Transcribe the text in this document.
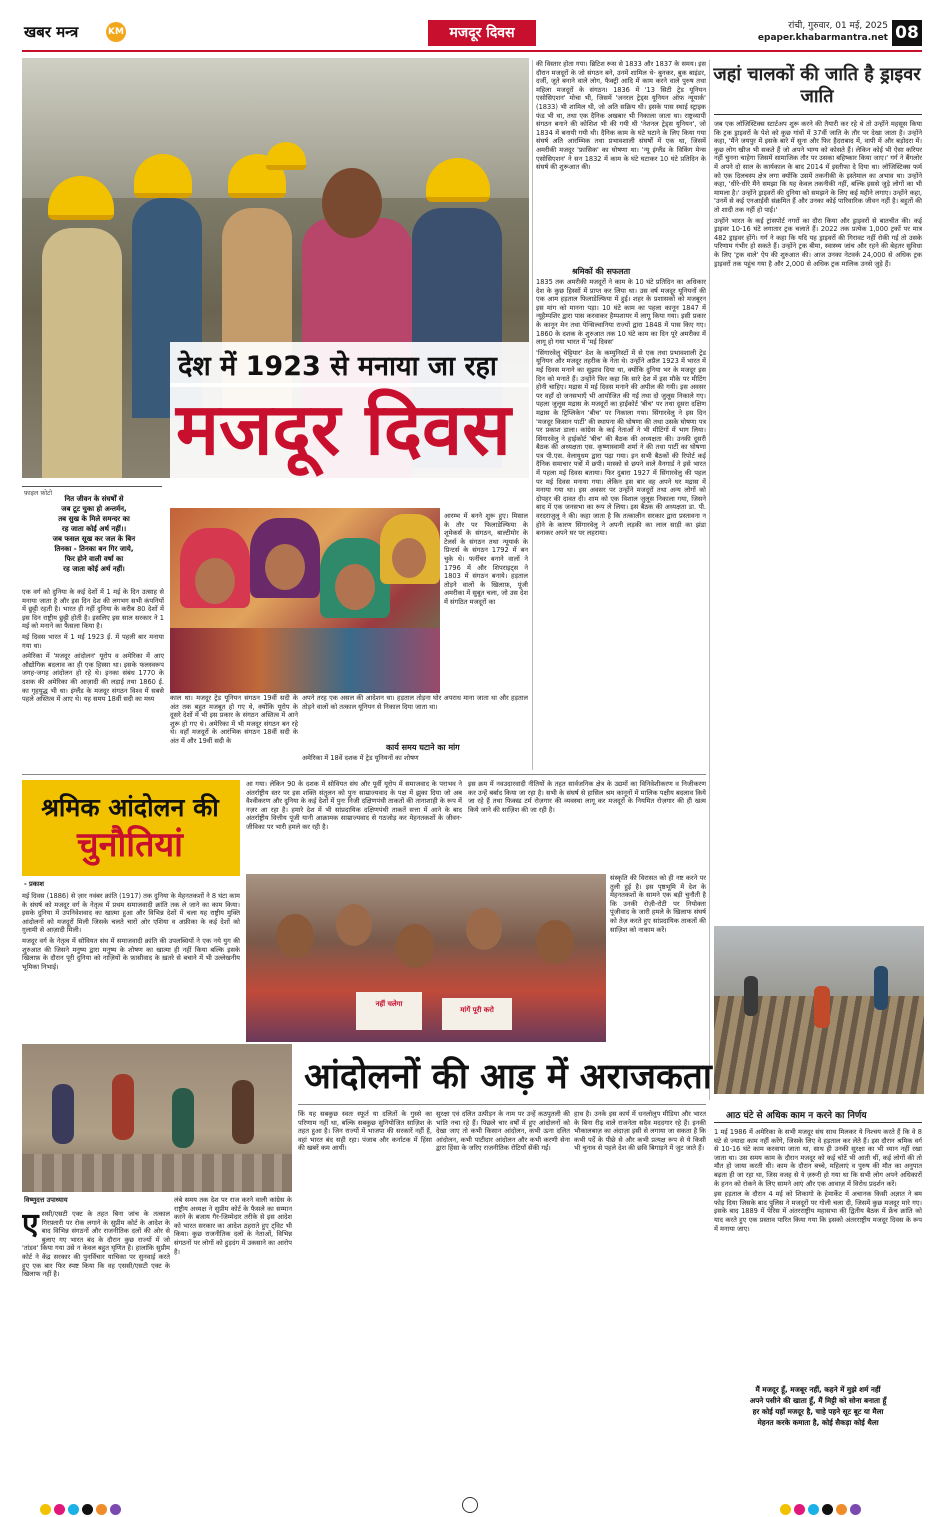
खबर मन्त्र	KM	मजदूर दिवस	रांची, गुरुवार, 01 मई, 2025
epaper.khabarmantra.net 08
देश में 1923 से मनाया जा रहा
मजदूर दिवस
फ़ाइल फ़ोटो
नित जीवन के संघर्षों से
जब टूट चुका हो अन्तर्मन,
तब सुख के मिले समन्दर का
रह जाता कोई अर्थ नहीं।।
जब फसल सूख कर जल के बिन
तिनका - तिनका बन गिर जाये,
फिर होने वाली वर्षा का
रह जाता कोई अर्थ नहीं।

एक वर्ग को दुनिया के कई देशों में 1 मई के दिन उत्साह से मनाया जाता है और इस दिन देश की लगभग सभी कंपनियों में छुट्टी रहती है। भारत ही नहीं दुनिया के करीब 80 देशों में इस दिन राष्ट्रीय छुट्टी होती है। इसलिए इस साल सरकार ने 1 मई को मनाने का फैसला किया है।

मई दिवस भारत में 1 मई 1923 ई. में पहली बार मनाया गया था।

अमेरिका में 'मजदूर आंदोलन' यूरोप व अमेरिका में आए औद्योगिक बदलाव का ही एक हिस्सा था। इसके फलस्वरूप जगह-जगह आंदोलन हो रहे थे। इनका संबंध 1770 के दशक की अमेरिका की आज़ादी की लड़ाई तथा 1860 ई. का गृहयुद्ध भी था। इंग्लैंड के मजदूर संगठन विश्व में सबसे पहले अस्तित्व में आए थे। यह समय 18वीं सदी का मध्य	काल था। मजदूर ट्रेड यूनियन संगठन 19वीं सदी के अंत तक बहुत मजबूत हो गए थे, क्योंकि यूरोप के दूसरे देशों में भी इस प्रकार के संगठन अस्तित्व में आने शुरू हो गए थे। अमेरिका में भी मजदूर संगठन बन रहे थे। वहाँ मजदूरों के आरंभिक संगठन 18वीं सदी के अंत में और 19वीं सदी के

आरम्भ में बनने शुरू हुए। मिसाल के तौर पर फिलाडेल्फिया के शूमेकर्स के संगठन, बाल्टीमोर के टेलर्स के संगठन तथा न्यूयार्क के प्रिन्टर्स के संगठन 1792 में बन चुके थे। फर्नीचर बनाने वालों ने 1796 में और शिपराइट्स ने 1803 में संगठन बनाये। हड़ताल तोड़ने वालों के खिलाफ़, पूंजी अमरीका में सुबूत चला, जो उस देश में संगठित मजदूरों का

अपने तरह एक असल की आदेशन था। हड़ताल तोड़ना घोर अपराध माना जाता था और हड़ताल तोड़ने वालों को तत्काल यूनियन से निकाल दिया जाता था।

कार्य समय घटाने का मांग
अमेरिका में 18वें दशक में ट्रेड यूनियनों का शोषण

की विस्तार होता गया। ब्रिटिश रूस से 1833 और 1837 के समय। इस दौरान मजदूरों के जो संगठन बने, उनमें शामिल थे- बुनकर, बुक बाइंडर, दर्जी, जूते बनाने वाले लोग, फैक्ट्री आदि में काम करने वाले पुरुष तथा महिला मजदूरों के संगठन। 1836 में '13 सिटी ट्रेड यूनियन एसोसिएशन' मोचा भी, जिसमें 'जनरल ट्रेड्स यूनियन ऑफ न्यूयार्क' (1833) भी शामिल थी, जो अति सक्रिय थी। इसके पास स्थाई स्ट्राइक फंड भी था, तथा एक दैनिक अखबार भी निकाला जाता था। राष्ट्रव्यापी संगठन बनाने की कोशिश भी की गयी थी 'नेशनल ट्रेड्स यूनियन', जो 1834 में बनायी गयी थी। दैनिक काम के घंटे घटाने के लिए किया गया संघर्ष अति आरम्भिक तथा प्रभावशाली संघर्षों में एक था, जिसमें अमरीकी मजदूर 'फ्रासिक' का घोषणा था। 'न्यू इंग्लैंड के विकिंग मेन्स एसोसिएशन' ने सन 1832 में काम के घंटे घटाकर 10 घंटे प्रतिदिन के संघर्ष की शुरूआत की।

श्रमिकों की सफलता

1835 तक अमरीकी मजदूरों ने काम के 10 घंटे प्रतिदिन का अधिकार देश के कुछ हिस्सों में प्राप्त कर लिया था। उस वर्ष मजदूर यूनियनों की एक आम हड़ताल फिलाडेल्फिया में हुई। शहर के प्रशासकों को मजबूरन इस मांग को मानना पड़ा। 10 घंटे काम का पहला कानून 1847 में न्यूहैम्पशिर द्वारा पास करवाकर हैम्पशायर में लागू किया गया। इसी प्रकार के कानून मेन तथा पेन्सिल्वानिया राज्यों द्वारा 1848 में पास किए गए। 1860 के दशक के शुरुआत तक 10 घंटे काम का दिन पूरे अमरीका में लागू हो गया भारत में 'मई दिवस'

'सिंगारवेलु चेट्टियार' देश के कम्युनिस्टों में से एक तथा प्रभावशाली ट्रेड यूनियन और मजदूर तहरीक के नेता थे। उन्होंने अप्रैल 1923 में भारत में मई दिवस मनाने का सुझाव दिया था, क्योंकि दुनिया भर के मजदूर इस दिन को मनाते हैं। उन्होंने फिर कहा कि सारे देश में इस मौके पर मीटिंग होनी चाहिए। मद्रास में मई दिवस मनाने की अपील की गयी। इस अवसर पर वहाँ दो जनसभाएँ भी आयोजित की गईं तथा दो जुलूस निकाले गए। पहला जुलूस मद्रास के मजदूरों का हाईकोर्ट 'बीच' पर तथा दूसरा दक्षिण मद्रास के ट्रिप्लिकेन 'बीच' पर निकाला गया। सिंगारवेलु ने इस दिन 'मजदूर किसान पार्टी' की स्थापना की घोषणा की तथा उसके घोषणा पत्र पर प्रकाश डाला। कांग्रेस के कई नेताओं ने भी मीटिंगों में भाग लिया। सिंगारवेलु ने हाईकोर्ट 'बीच' की बैठक की अध्यक्षता की। उनकी दूसरी बैठक की अध्यक्षता एस. कृष्णास्वामी शर्मा ने की तथा पार्टी का घोषणा पत्र पी.एस. वेलायुधम द्वारा पढ़ा गया। इन सभी बैठकों की रिपोर्ट कई दैनिक समाचार पत्रों में छपी। मास्को से छपने वाले वैनगार्ड ने इसे भारत में पहला मई दिवस बताया। फिर दुबारा 1927 में सिंगारवेलु की पहल पर मई दिवस मनाया गया। लेकिन इस बार वह अपने घर मद्रास में मनाया गया था। इस अवसर पर उन्होंने मजदूरों तथा अन्य लोगों को दोपहर की दावत दी। शाम को एक विशाल जुलूस निकाला गया, जिसने बाद में एक जनसभा का रूप ले लिया। इस बैठक की अध्यक्षता डा. पी. वरदराजुलु ने की। कहा जाता है कि तत्कालीन सरकार द्वारा प्रस्तावना न होने के कारण सिंगारवेलु ने अपनी लड़की का लाल साड़ी का झंडा बनाकर अपने घर पर लहराया।

जहां चालकों की जाति है ड्राइवर जाति

जब एक लॉजिस्टिक्स स्टार्टअप शुरू करने की तैयारी कर रहे थे तो उन्होंने महसूस किया कि ट्रक ड्राइवरों के पेशे को कुछ गांवों में 37वीं जाति के तौर पर देखा जाता है। उन्होंने कहा, 'मैंने जयपुर में इसके बारे में सुना और फिर हैदराबाद में, वापी में और बड़ोदरा में। कुछ लोग खीज भी सकते हैं जो अपने भाग्य को कोसते हैं। लेकिन कोई भी ऐसा करियर नहीं चुनना चाहेगा जिसमें सामाजिक तौर पर उसका बहिष्कार किया जाए।' गर्ग ने बैंगलोर में अपने दो साल के कार्यकाल के बाद 2014 में इस्तीफा दे दिया था। लॉजिस्टिक्स फर्म को एक दिलचस्प क्षेत्र लगा क्योंकि उसमें तकनीकी के इस्तेमाल का अभाव था। उन्होंने कहा, 'धीरे-धीरे मैंने समझा कि यह केवल तकनीकी नहीं, बल्कि इससे जुड़े लोगों का भी मामला है।' उन्होंने ड्राइवरों की दुनिया को समझने के लिए कई महीने लगाए। उन्होंने कहा, 'उनमें से कई एनआईवी संक्रमित हैं और उनका कोई पारिवारिक जीवन नहीं है। बहुतों की तो शादी तक नहीं हो पाई।'

उन्होंने भारत के कई ट्रांसपोर्ट नगरों का दौरा किया और ड्राइवरों से बातचीत की। कई ड्राइवर 10-16 घंटे लगातार ट्रक चलाते हैं। 2022 तक प्रत्येक 1,000 ट्रकों पर मात्र 482 ड्राइवर होंगे। गर्ग ने कहा कि यदि यह ड्राइवरों की गिरावट नहीं रोकी गई तो उसके परिणाम गंभीर हो सकते हैं। उन्होंने ट्रक बीमा, स्वास्थ्य जांच और रहने की बेहतर सुविधा के लिए 'ट्रक वाले' ऐप की शुरुआत की। आज उनका नेटवर्क 24,000 से अधिक ट्रक ड्राइवरों तक पहुंच गया है और 2,000 से अधिक ट्रक मालिक उनसे जुड़े हैं।

श्रमिक आंदोलन की
चुनौतियां
- प्रकाश

मई दिवस (1886) से ज़ार नवंबर क्रांति (1917) तक दुनिया के मेहनतकशों ने 8 घंटा काम के संघर्ष को मजदूर वर्ग के नेतृत्व में प्रथम समाजवादी क्रांति तक ले जाने का काम किया। इसके दुनिया में उपनिवेशवाद का खात्मा हुआ और विभिन्न देशों में चला यह राष्ट्रीय मुक्ति आंदोलनों को मजदूरों मिली जिसके चलते चारों ओर एशिया व अफ्रीका के कई देशों को ग़ुलामी से आज़ादी मिली।

मजदूर वर्ग के नेतृत्व में सोवियत संघ में समाजवादी क्रांति की उपलब्धियों ने एक नये युग की शुरुआत की जिसने मनुष्य द्वारा मनुष्य के शोषण का खात्मा ही नहीं किया बल्कि इसके खिलाफ़ के दौरान पूरी दुनिया को नाज़ियों के फ़ासीवाद के ख़तरे से बचाने में भी उल्लेखनीय भूमिका निभाई।

आ गया। लेकिन 90 के दशक में सोवियत संघ और पूर्वी यूरोप में समाजवाद के पराभव ने अंतर्राष्ट्रीय स्तर पर इस शक्ति संतुलन को पुनः साम्राज्यवाद के पक्ष में झुका दिया जो अब वैश्वीकरण और दुनिया के कई देशों में पुनः निजी दक्षिणपंथी ताकतों की तानाशाही के रूप में नज़र आ रहा है। हमारे देश में भी सांप्रदायिक दक्षिणपंथी ताकतें सत्ता में आने के बाद अंतर्राष्ट्रीय वित्तीय पूंजी यानी आक्रामक साम्राज्यवाद से गठजोड़ कर मेहनतकशों के जीवन-जीविका पर भारी हमले कर रही है।

इस क्रम में नवउदारवादी नीतियों के तहत सार्वजनिक क्षेत्र के उद्यमों का विनिवेशीकरण व निजीकरण कर उन्हें बर्बाद किया जा रहा है। सभी के संघर्ष से हासिल श्रम कानूनों में मालिक पक्षीय बदलाव किये जा रहे हैं तथा फिक्स्ड टर्म रोज़गार की व्यवस्था लागू कर मजदूरों के नियमित रोज़गार की ही खत्म किये जाने की साज़िश की जा रही है।

नहीं चलेगा
मांगें पूरी करो

संस्कृति की विरासत को ही नष्ट करने पर तुली हुई है। इस पृष्ठभूमि में देश के मेहनतकशों के सामने एक बड़ी चुनौती है कि उनकी रोज़ी-रोटी पर नियोक्ता पूंजीवाद के जारी हमले के खिलाफ संघर्ष को तेज़ करते हुए सांप्रदायिक ताकतों की साज़िश को नाकाम करें।

आंदोलनों की आड़ में अराजकता
विष्णुदत्त उपाध्याय
ए ससी/एसटी एक्ट के तहत बिना जांच के तत्काल गिरफ़्तारी पर रोक लगाने के सुप्रीम कोर्ट के आदेश के बाद विभिन्न संगठनों और राजनीतिक दलों की ओर से बुलाए गए भारत बंद के दौरान कुछ राज्यों में जो 'तांडव' किया गया उसे न केवल बहुत घृणित है। हालांकि सुप्रीम कोर्ट ने केंद्र सरकार की पुनर्विचार याचिका पर सुनवाई करते हुए एक बार फिर स्पष्ट किया कि वह एससी/एसटी एक्ट के खिलाफ नहीं है।

लंबे समय तक देश पर राज करने वाली कांग्रेस के राष्ट्रीय अध्यक्ष ने सुप्रीम कोर्ट के फैसले का सम्मान करने के बजाय गैर-जिम्मेदार तरीके से इस आदेश को भारत सरकार का आदेश ठहराते हुए ट्विट भी किया। कुछ राजनीतिक दलों के नेताओं, विभिन्न संगठनों पर लोगों को हुड़दंग में उकसाने का आरोप है।

किं यह सबकुछ स्वतः स्फूर्त या दलितों के गुस्से का परिणाम नहीं था, बल्कि सबकुछ सुनियोजित साज़िश के तहत हुआ है। जिन राज्यों में भाजपा की सरकारें नहीं हैं, वहां भारत बंद सही रहा। पंजाब और कर्नाटक में हिंसा की खबरें कम आयीं।

सुरक्षा एवं दलित उत्पीड़न के नाम पर उन्हें कठपुतली की भांति नचा रहे हैं। पिछले चार वर्षों में हुए आंदोलनों को देखा जाए तो कभी किसान आंदोलन, कभी ऊना दलित आंदोलन, कभी पाटीदार आंदोलन और कभी करणी सेना द्वारा हिंसा के जरिए राजनीतिक रोटियाँ सेंकी गईं।

हाथ है। उनके इस कार्य में धनलोलुप मीडिया और भारत के बिना रीढ़ वाले राजनेता सदैव मददगार रहे हैं। इनकी भौकालबाज़ का अंदाज़ा इसी से लगाया जा सकता है कि कभी पर्दे के पीछे से और कभी प्रत्यक्ष रूप से ये किसी भी चुनाव से पहले देश की छवि बिगाड़ने में जुट जाते हैं।

आठ घंटे से अधिक काम न करने का निर्णय

1 मई 1986 में अमेरिका के सभी मजदूर संघ साथ मिलकर ये निश्चय करते हैं कि वे 8 घंटे से ज्यादा काम नहीं करेंगे, जिसके लिए वे हड़ताल कर लेते हैं। इस दौरान श्रमिक वर्ग से 10-16 घंटे काम करवाया जाता था, साथ ही उनकी सुरक्षा का भी ध्यान नहीं रखा जाता था। उस समय काम के दौरान मजदूर को कई चोटें भी आती थीं, कई लोगों की तो मौत हो जाया करती थी। काम के दौरान बच्चे, महिलाएं व पुरुष की मौत का अनुपात बढ़ता ही जा रहा था, जिस वजह से ये ज़रूरी हो गया था कि सभी लोग अपने अधिकारों के हनन को रोकने के लिए सामने आएं और एक आवाज़ में विरोध प्रदर्शन करें।

इस हड़ताल के दौरान 4 मई को शिकागो के हेमार्केट में अचानक किसी अज्ञात ने बम फोड़ दिया जिसके बाद पुलिस ने मजदूरों पर गोली चला दी, जिसमें कुछ मजदूर मारे गए। इसके बाद 1889 में पेरिस में अंतरराष्ट्रीय महासभा की द्वितीय बैठक में फ्रेंच क्रांति को याद करते हुए एक प्रस्ताव पारित किया गया कि इसको अंतरराष्ट्रीय मजदूर दिवस के रूप में मनाया जाए।

मैं मजदूर हूँ, मजबूर नहीं, कहने में मुझे शर्म नहीं
अपने पसीने की खाता हूँ, मैं मिट्टी को सोना बनाता हूँ
हर कोई यहाँ मजदूर है, चाहे पहने सूट बूट या मैला
मेहनत करके कमाता है, कोई सैकड़ा कोई थैला
